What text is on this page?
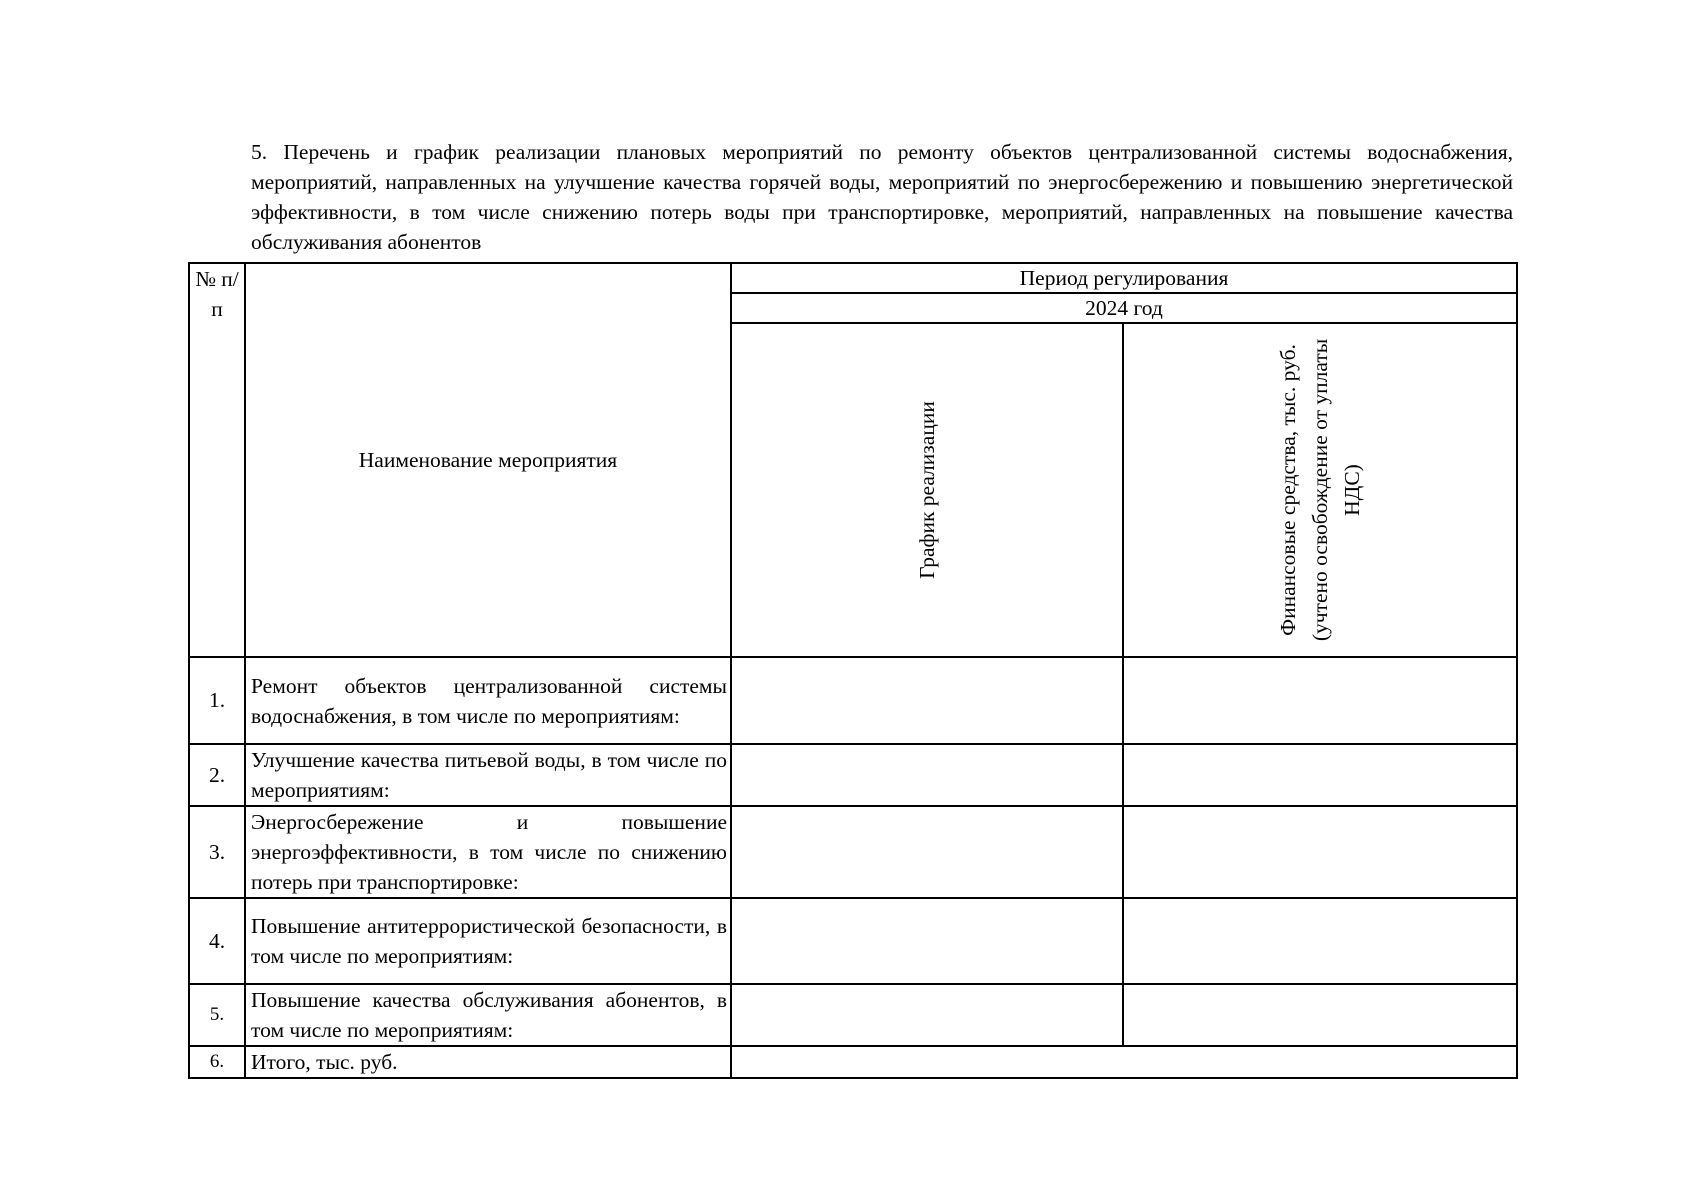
5. Перечень и график реализации плановых мероприятий по ремонту объектов централизованной системы водоснабжения, мероприятий, направленных на улучшение качества горячей воды, мероприятий по энергосбережению и повышению энергетической эффективности, в том числе снижению потерь воды при транспортировке, мероприятий, направленных на повышение качества обслуживания абонентов
№ п/п	Наименование мероприятия	Период регулирования	
		2024 год	

		График реализации	Финансовые средства, тыс. руб. (учтено освобождение от уплаты НДС)

1.	Ремонт объектов централизованной системы водоснабжения, в том числе по мероприятиям:		
2.	Улучшение качества питьевой воды, в том числе по мероприятиям:		
3.	Энергосбережение и повышение энергоэффективности, в том числе по снижению потерь при транспортировке:		
4.	Повышение антитеррористической безопасности, в том числе по мероприятиям:		
5.	Повышение качества обслуживания абонентов, в том числе по мероприятиям:		
6.	Итого, тыс. руб.		
